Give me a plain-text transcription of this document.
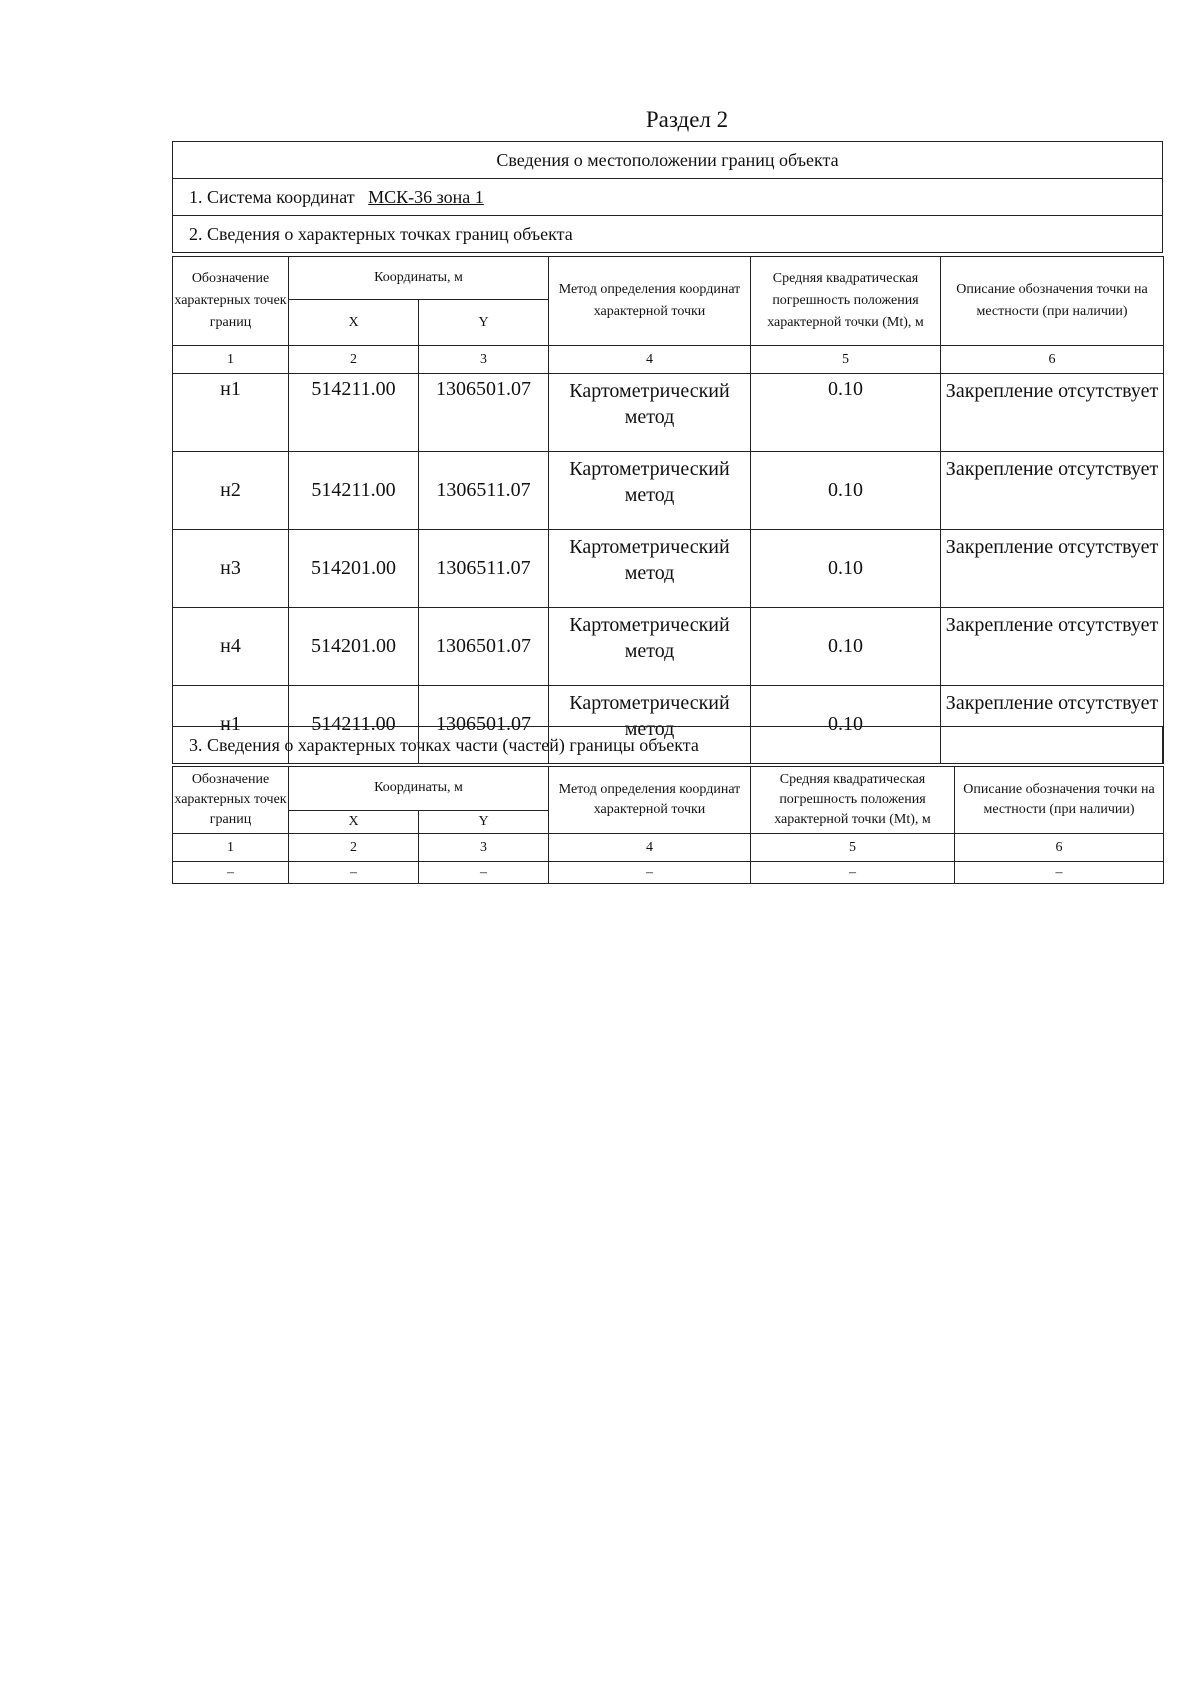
Раздел 2
Сведения о местоположении границ объекта
1. Система координат МСК-36 зона 1
2. Сведения о характерных точках границ объекта
Обозначение характерных точек границ	Координаты, м		Метод определения координат характерной точки	Средняя квадратическая погрешность положения характерной точки (Mt), м	Описание обозначения точки на местности (при наличии)
	X	Y			
1	2	3	4	5	6
н1	514211.00	1306501.07	Картометрический метод	0.10	Закрепление отсутствует
н2	514211.00	1306511.07	Картометрический метод	0.10	Закрепление отсутствует
н3	514201.00	1306511.07	Картометрический метод	0.10	Закрепление отсутствует
н4	514201.00	1306501.07	Картометрический метод	0.10	Закрепление отсутствует
н1	514211.00	1306501.07	Картометрический метод	0.10	Закрепление отсутствует
3. Сведения о характерных точках части (частей) границы объекта
Обозначение характерных точек границ	Координаты, м		Метод определения координат характерной точки	Средняя квадратическая погрешность положения характерной точки (Mt), м	Описание обозначения точки на местности (при наличии)
	X	Y			
1	2	3	4	5	6
–	–	–	–	–	–
